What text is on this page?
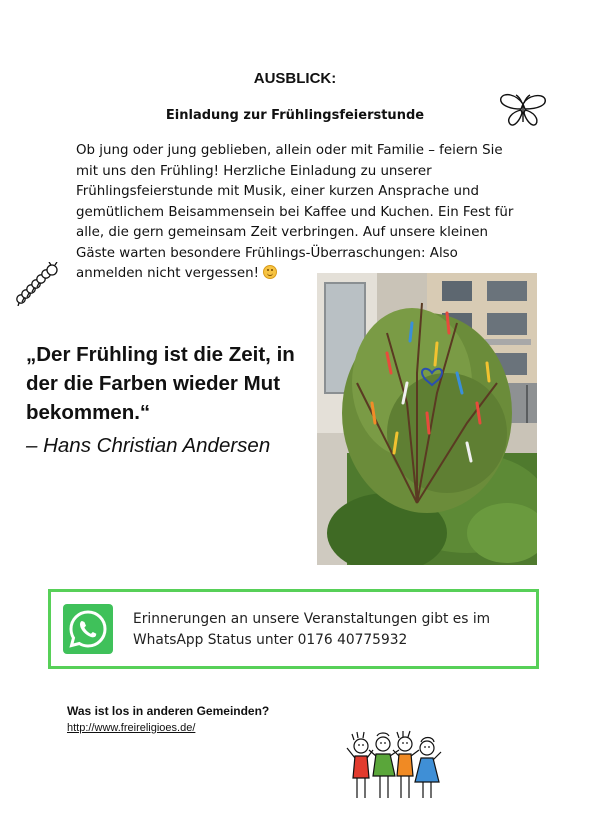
AUSBLICK:
Einladung zur Frühlingsfeierstunde
Ob jung oder jung geblieben, allein oder mit Familie – feiern Sie mit uns den Frühling! Herzliche Einladung zu unserer Frühlingsfeierstunde mit Musik, einer kurzen Ansprache und gemütlichem Beisammensein bei Kaffee und Kuchen. Ein Fest für alle, die gern gemeinsam Zeit verbringen. Auf unsere kleinen Gäste warten besondere Frühlings-Überraschungen: Also anmelden nicht vergessen!
„Der Frühling ist die Zeit, in der die Farben wieder Mut bekommen.“
– Hans Christian Andersen
Erinnerungen an unsere Veranstaltungen gibt es im WhatsApp Status unter 0176 40775932
Was ist los in anderen Gemeinden?
http://www.freireligioes.de/
